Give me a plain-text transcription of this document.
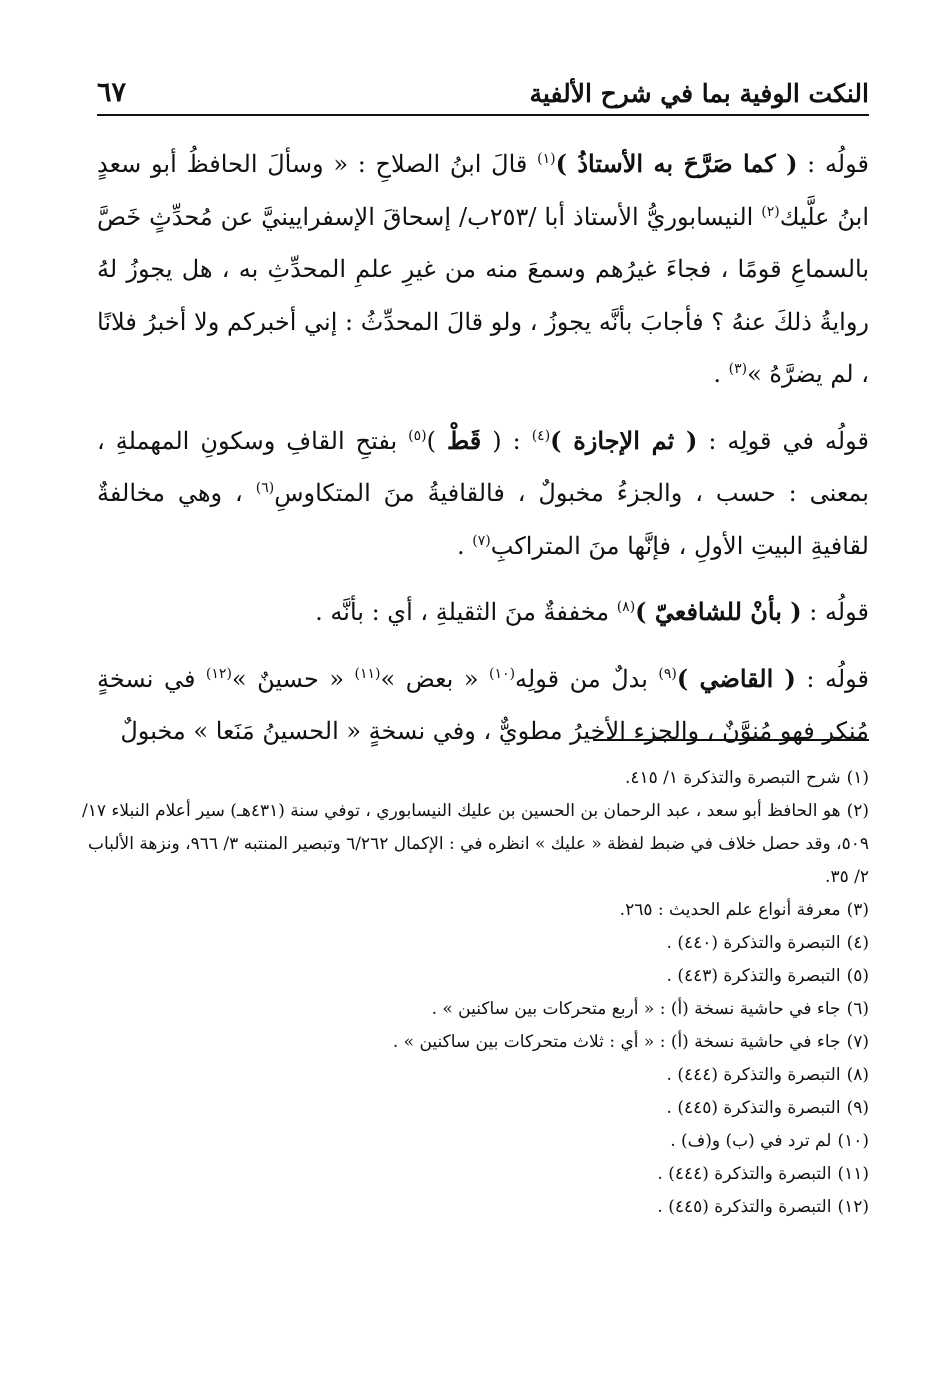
النكت الوفية بما في شرح الألفية
٦٧

قولُه : ( كما صَرَّحَ به الأستاذُ )$^{(١)}$ قالَ ابنُ الصلاحِ : « وسألَ الحافظُ أبو سعدٍ ابنُ علَّيك$^{(٢)}$ النيسابوريُّ الأستاذ أبا /٢٥٣ب/ إسحاقَ الإسفرايينيَّ عن مُحدِّثٍ خَصَّ بالسماعِ قومًا ، فجاءَ غيرُهم وسمعَ منه من غيرِ علمِ المحدِّثِ به ، هل يجوزُ لهُ روايةُ ذلكَ عنهُ ؟ فأجابَ بأنَّه يجوزُ ، ولو قالَ المحدِّثُ : إني أخبركم ولا أخبرُ فلانًا ، لم يضرَّهُ »$^{(٣)}$ .

قولُه في قولِه : ( ثم الإجازة )$^{(٤)}$ : ( قَطْ )$^{(٥)}$ بفتحِ القافِ وسكونِ المهملةِ ، بمعنى : حسب ، والجزءُ مخبولٌ ، فالقافيةُ منَ المتكاوسِ$^{(٦)}$ ، وهي مخالفةٌ لقافيةِ البيتِ الأولِ ، فإنَّها منَ المتراكبِ$^{(٧)}$ .

قولُه : ( بأنْ للشافعيّ )$^{(٨)}$ مخففةٌ منَ الثقيلةِ ، أي : بأنَّه .

قولُه : ( القاضي )$^{(٩)}$ بدلٌ من قولِه$^{(١٠)}$ « بعض »$^{(١١)}$ « حسينٌ »$^{(١٢)}$ في نسخةٍ مُنكر فهو مُنوَّنٌ ، والجزء الأخيرُ مطويٌّ ، وفي نسخةٍ « الحسينُ مَنَعا » مخبولٌ

(١)شرح التبصرة والتذكرة ١/ ٤١٥.
(٢)هو الحافظ أبو سعد ، عبد الرحمان بن الحسين بن عليك النيسابوري ، توفي سنة (٤٣١هـ) سير أعلام النبلاء ١٧/ ٥٠٩، وقد حصل خلاف في ضبط لفظة « عليك » انظره في : الإكمال ٦/٢٦٢ وتبصير المنتبه ٣/ ٩٦٦، ونزهة الألباب ٢/ ٣٥.
(٣)معرفة أنواع علم الحديث : ٢٦٥.
(٤)التبصرة والتذكرة (٤٤٠) .
(٥)التبصرة والتذكرة (٤٤٣) .
(٦)جاء في حاشية نسخة (أ) : « أربع متحركات بين ساكنين » .
(٧)جاء في حاشية نسخة (أ) : « أي : ثلاث متحركات بين ساكنين » .
(٨)التبصرة والتذكرة (٤٤٤) .
(٩)التبصرة والتذكرة (٤٤٥) .
(١٠)لم ترد في (ب) و(ف) .
(١١)التبصرة والتذكرة (٤٤٤) .
(١٢)التبصرة والتذكرة (٤٤٥) .
